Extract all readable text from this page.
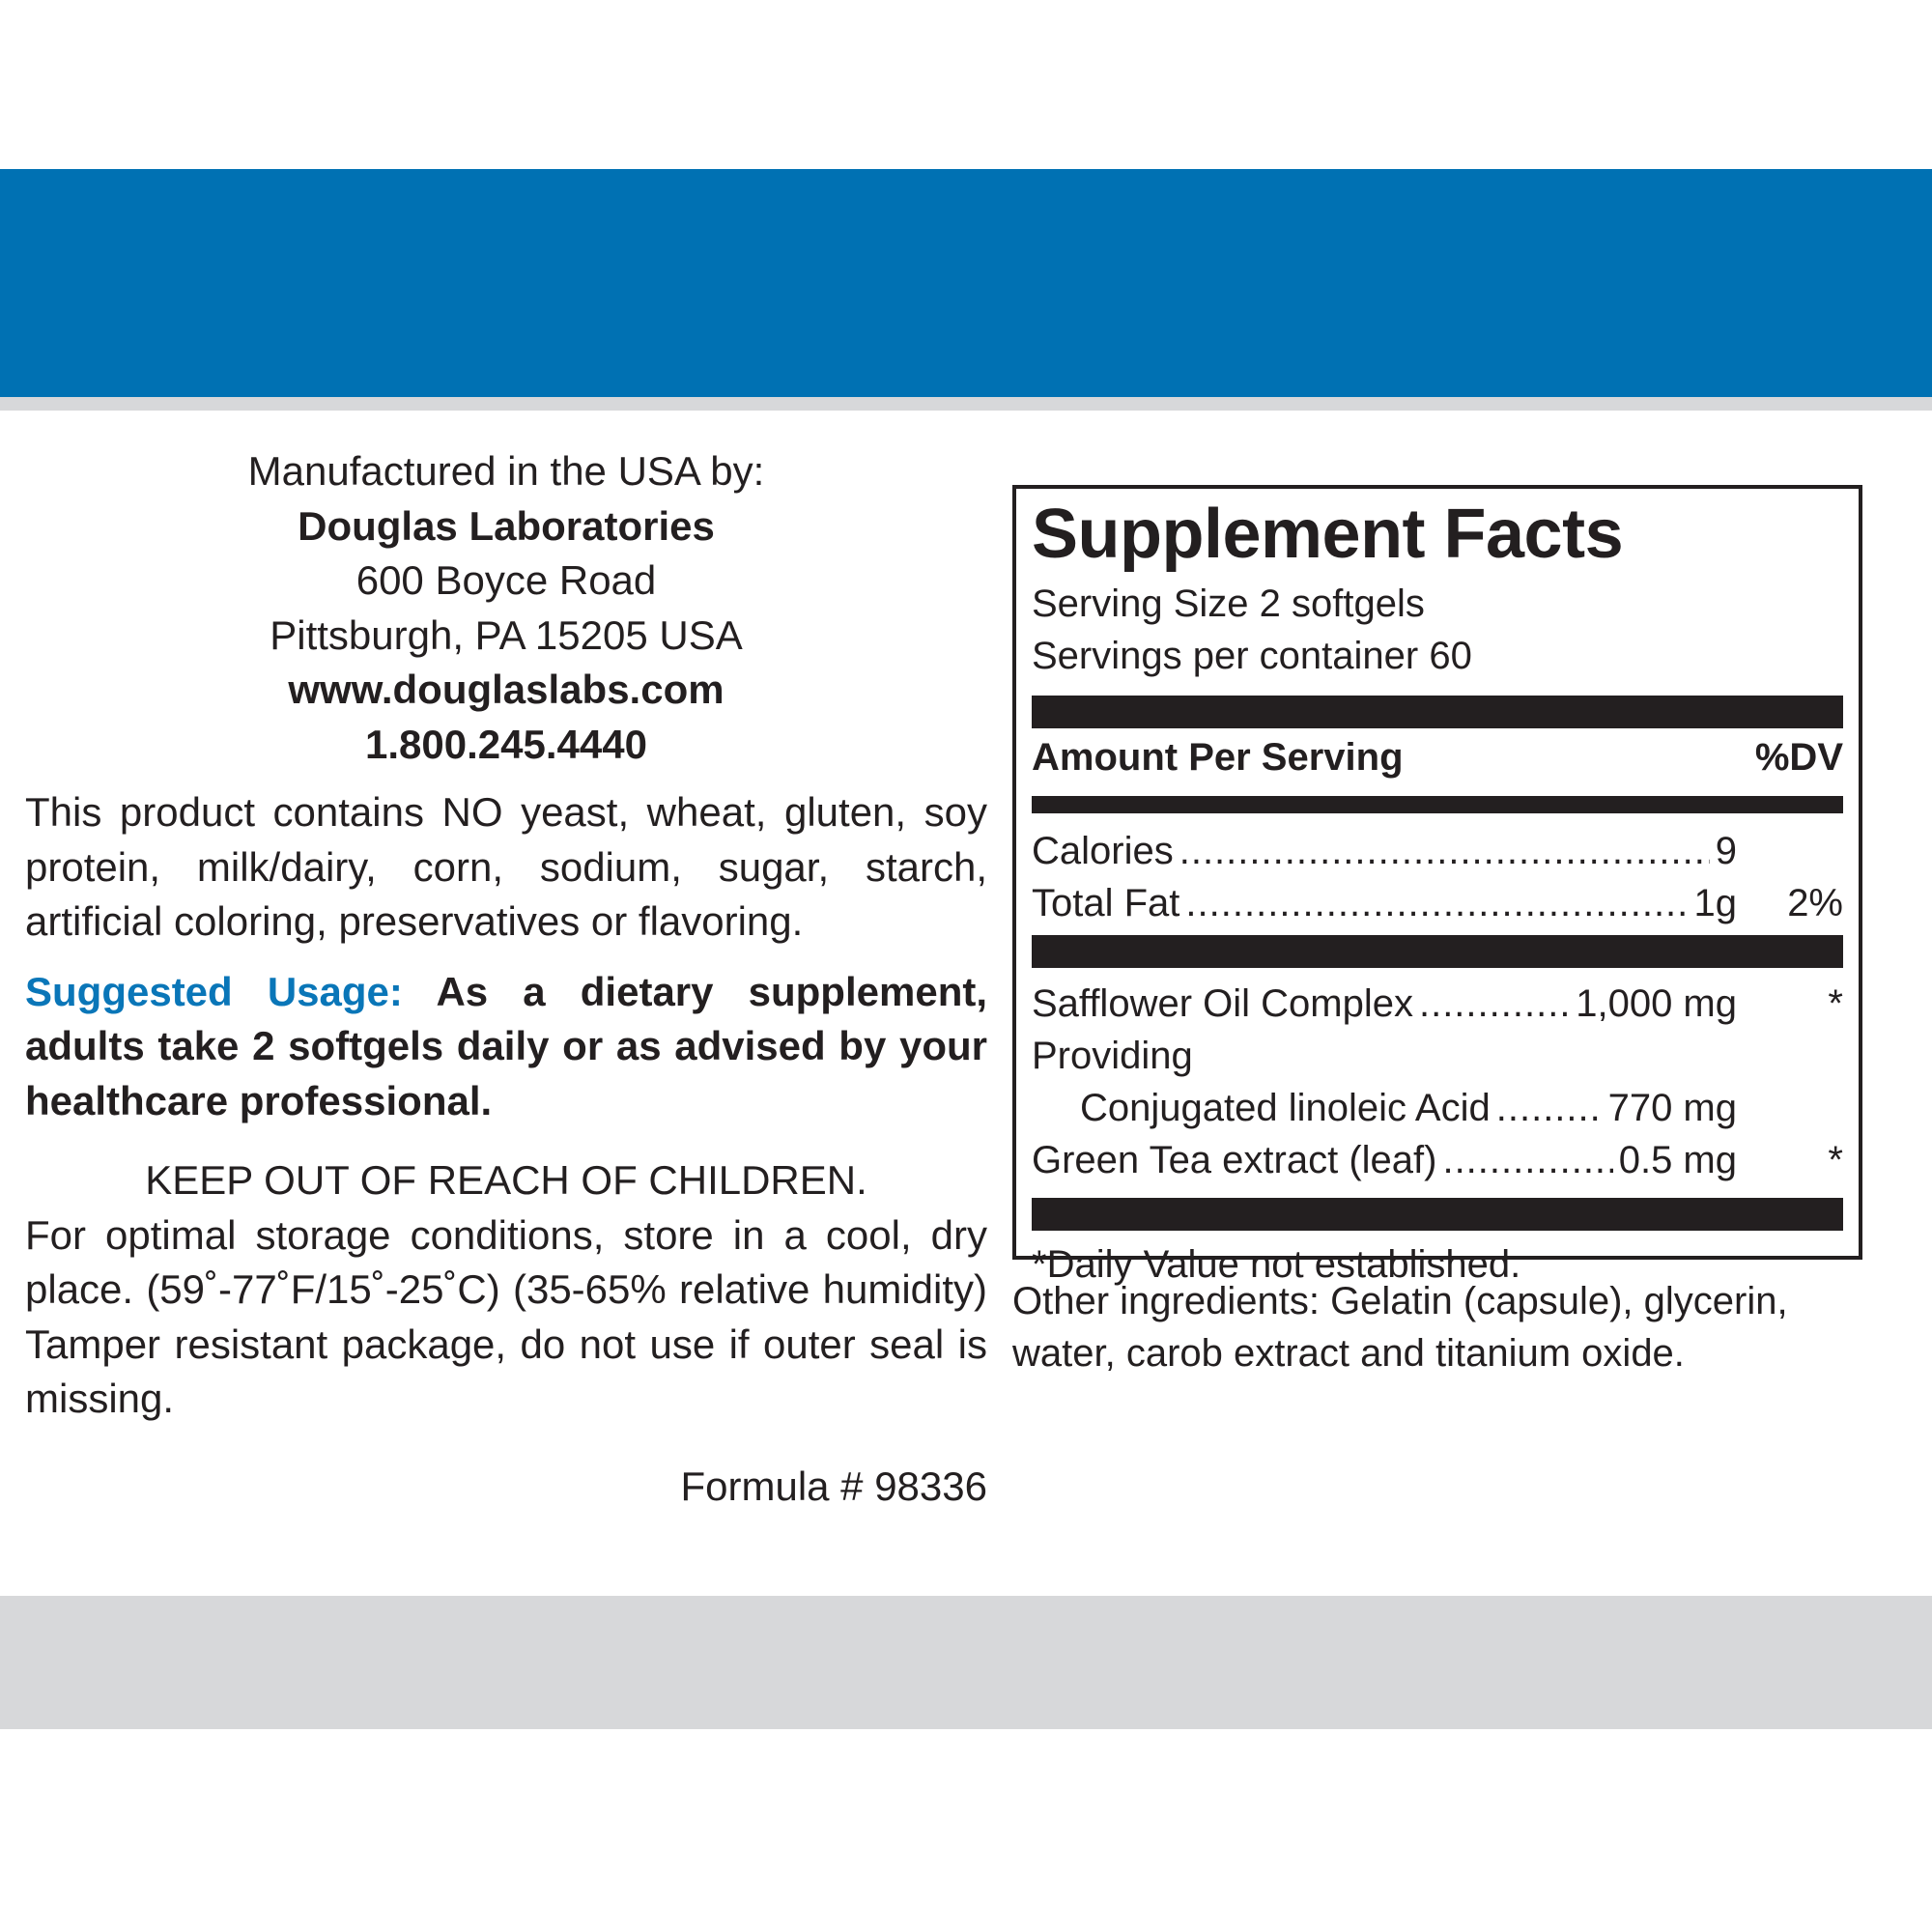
Manufactured in the USA by:
Douglas Laboratories
600 Boyce Road
Pittsburgh, PA 15205 USA
www.douglaslabs.com
1.800.245.4440
This product contains NO yeast, wheat, gluten, soy protein, milk/dairy, corn, sodium, sugar, starch, artificial coloring, preservatives or flavoring.
Suggested Usage: As a dietary supplement, adults take 2 softgels daily or as advised by your healthcare professional.
KEEP OUT OF REACH OF CHILDREN.
For optimal storage conditions, store in a cool, dry place. (59˚-77˚F/15˚-25˚C) (35-65% relative humidity) Tamper resistant package, do not use if outer seal is missing.
Formula # 98336
Supplement Facts
Serving Size 2 softgels
Servings per container 60
Amount Per Serving	%DV
Calories .....	9
Total Fat .....	1g	2%
Safflower Oil Complex .....	1,000 mg	*
Providing
Conjugated linoleic Acid .....	770 mg
Green Tea extract (leaf) .....	0.5 mg	*
*Daily Value not established.
Other ingredients: Gelatin (capsule), glycerin, water, carob extract and titanium oxide.
